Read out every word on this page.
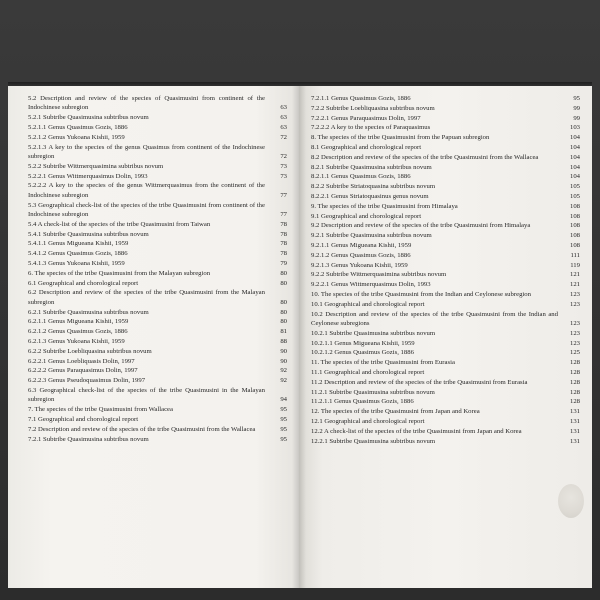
5.2 Description and review of the species of Quasimusini from continent of the Indochinese subregion	63
5.2.1 Subtribe Quasimusina subtribus novum	63
5.2.1.1 Genus Quasimus Gozis, 1886	63
5.2.1.2 Genus Yukoana Kishii, 1959	72
5.2.1.3 A key to the species of the genus Quasimus from continent of the Indochinese subregion	72
5.2.2 Subtribe Wittmerquasimina subtribus novum	73
5.2.2.1 Genus Wittmerquasimus Dolin, 1993	73
5.2.2.2 A key to the species of the genus Wittmerquasimus from the continent of the Indochinese subregion	77
5.3 Geographical check-list of the species of the tribe Quasimusini from continent of the Indochinese subregion	77
5.4 A check-list of the species of the tribe Quasimusini from Taiwan	78
5.4.1 Subtribe Quasimusina subtribus novum	78
5.4.1.1 Genus Migueana Kishii, 1959	78
5.4.1.2 Genus Quasimus Gozis, 1886	78
5.4.1.3 Genus Yukoana Kishii, 1959	79
6. The species of the tribe Quasimusini from the Malayan subregion	80
6.1 Geographical and chorological report	80
6.2 Description and review of the species of the tribe Quasimusini from the Malayan subregion	80
6.2.1 Subtribe Quasimusina subtribus novum	80
6.2.1.1 Genus Migueana Kishii, 1959	80
6.2.1.2 Genus Quasimus Gozis, 1886	81
6.2.1.3 Genus Yukoana Kishii, 1959	88
6.2.2 Subtribe Loebliquasina subtribus novum	90
6.2.2.1 Genus Loebliquasis Dolin, 1997	90
6.2.2.2 Genus Paraquasimus Dolin, 1997	92
6.2.2.3 Genus Pseudoquasimus Dolin, 1997	92
6.3 Geographical check-list of the species of the tribe Quasimusini in the Malayan subregion	94
7. The species of the tribe Quasimusini from Wallacea	95
7.1 Geographical and chorological report	95
7.2 Description and review of the species of the tribe Quasimusini from the Wallacea	95
7.2.1 Subtribe Quasimusina subtribus novum	95
7.2.1.1 Genus Quasimus Gozis, 1886	95
7.2.2 Subtribe Loebliquasina subtribus novum	99
7.2.2.1 Genus Paraquasimus Dolin, 1997	99
7.2.2.2 A key to the species of Paraquasimus	103
8. The species of the tribe Quasimusini from the Papuan subregion	104
8.1 Geographical and chorological report	104
8.2 Description and review of the species of the tribe Quasimusini from the Wallacea	104
8.2.1 Subtribe Quasimusina subtribus novum	104
8.2.1.1 Genus Quasimus Gozis, 1886	104
8.2.2 Subtribe Striatoquasina subtribus novum	105
8.2.2.1 Genus Striatoquasinus genus novum	105
9. The species of the tribe Quasimusini from Himalaya	108
9.1 Geographical and chorological report	108
9.2 Description and review of the species of the tribe Quasimusini from Himalaya	108
9.2.1 Subtribe Quasimusina subtribus novum	108
9.2.1.1 Genus Migueana Kishii, 1959	108
9.2.1.2 Genus Quasimus Gozis, 1886	111
9.2.1.3 Genus Yukoana Kishii, 1959	119
9.2.2 Subtribe Wittmerquasimina subtribus novum	121
9.2.2.1 Genus Wittmerquasimus Dolin, 1993	121
10. The species of the tribe Quasimusini from the Indian and Ceylonese subregion	123
10.1 Geographical and chorological report	123
10.2 Description and review of the species of the tribe Quasimusini from the Indian and Ceylonese subregions	123
10.2.1 Subtribe Quasimusina subtribus novum	123
10.2.1.1 Genus Migueana Kishii, 1959	123
10.2.1.2 Genus Quasimus Gozis, 1886	125
11. The species of the tribe Quasimusini from Eurasia	128
11.1 Geographical and chorological report	128
11.2 Description and review of the species of the tribe Quasimusini from Eurasia	128
11.2.1 Subtribe Quasimusina subtribus novum	128
11.2.1.1 Genus Quasimus Gozis, 1886	128
12. The species of the tribe Quasimusini from Japan and Korea	131
12.1 Geographical and chorological report	131
12.2 A check-list of the species of the tribe Quasimusini from Japan and Korea	131
12.2.1 Subtribe Quasimusina subtribus novum	131
